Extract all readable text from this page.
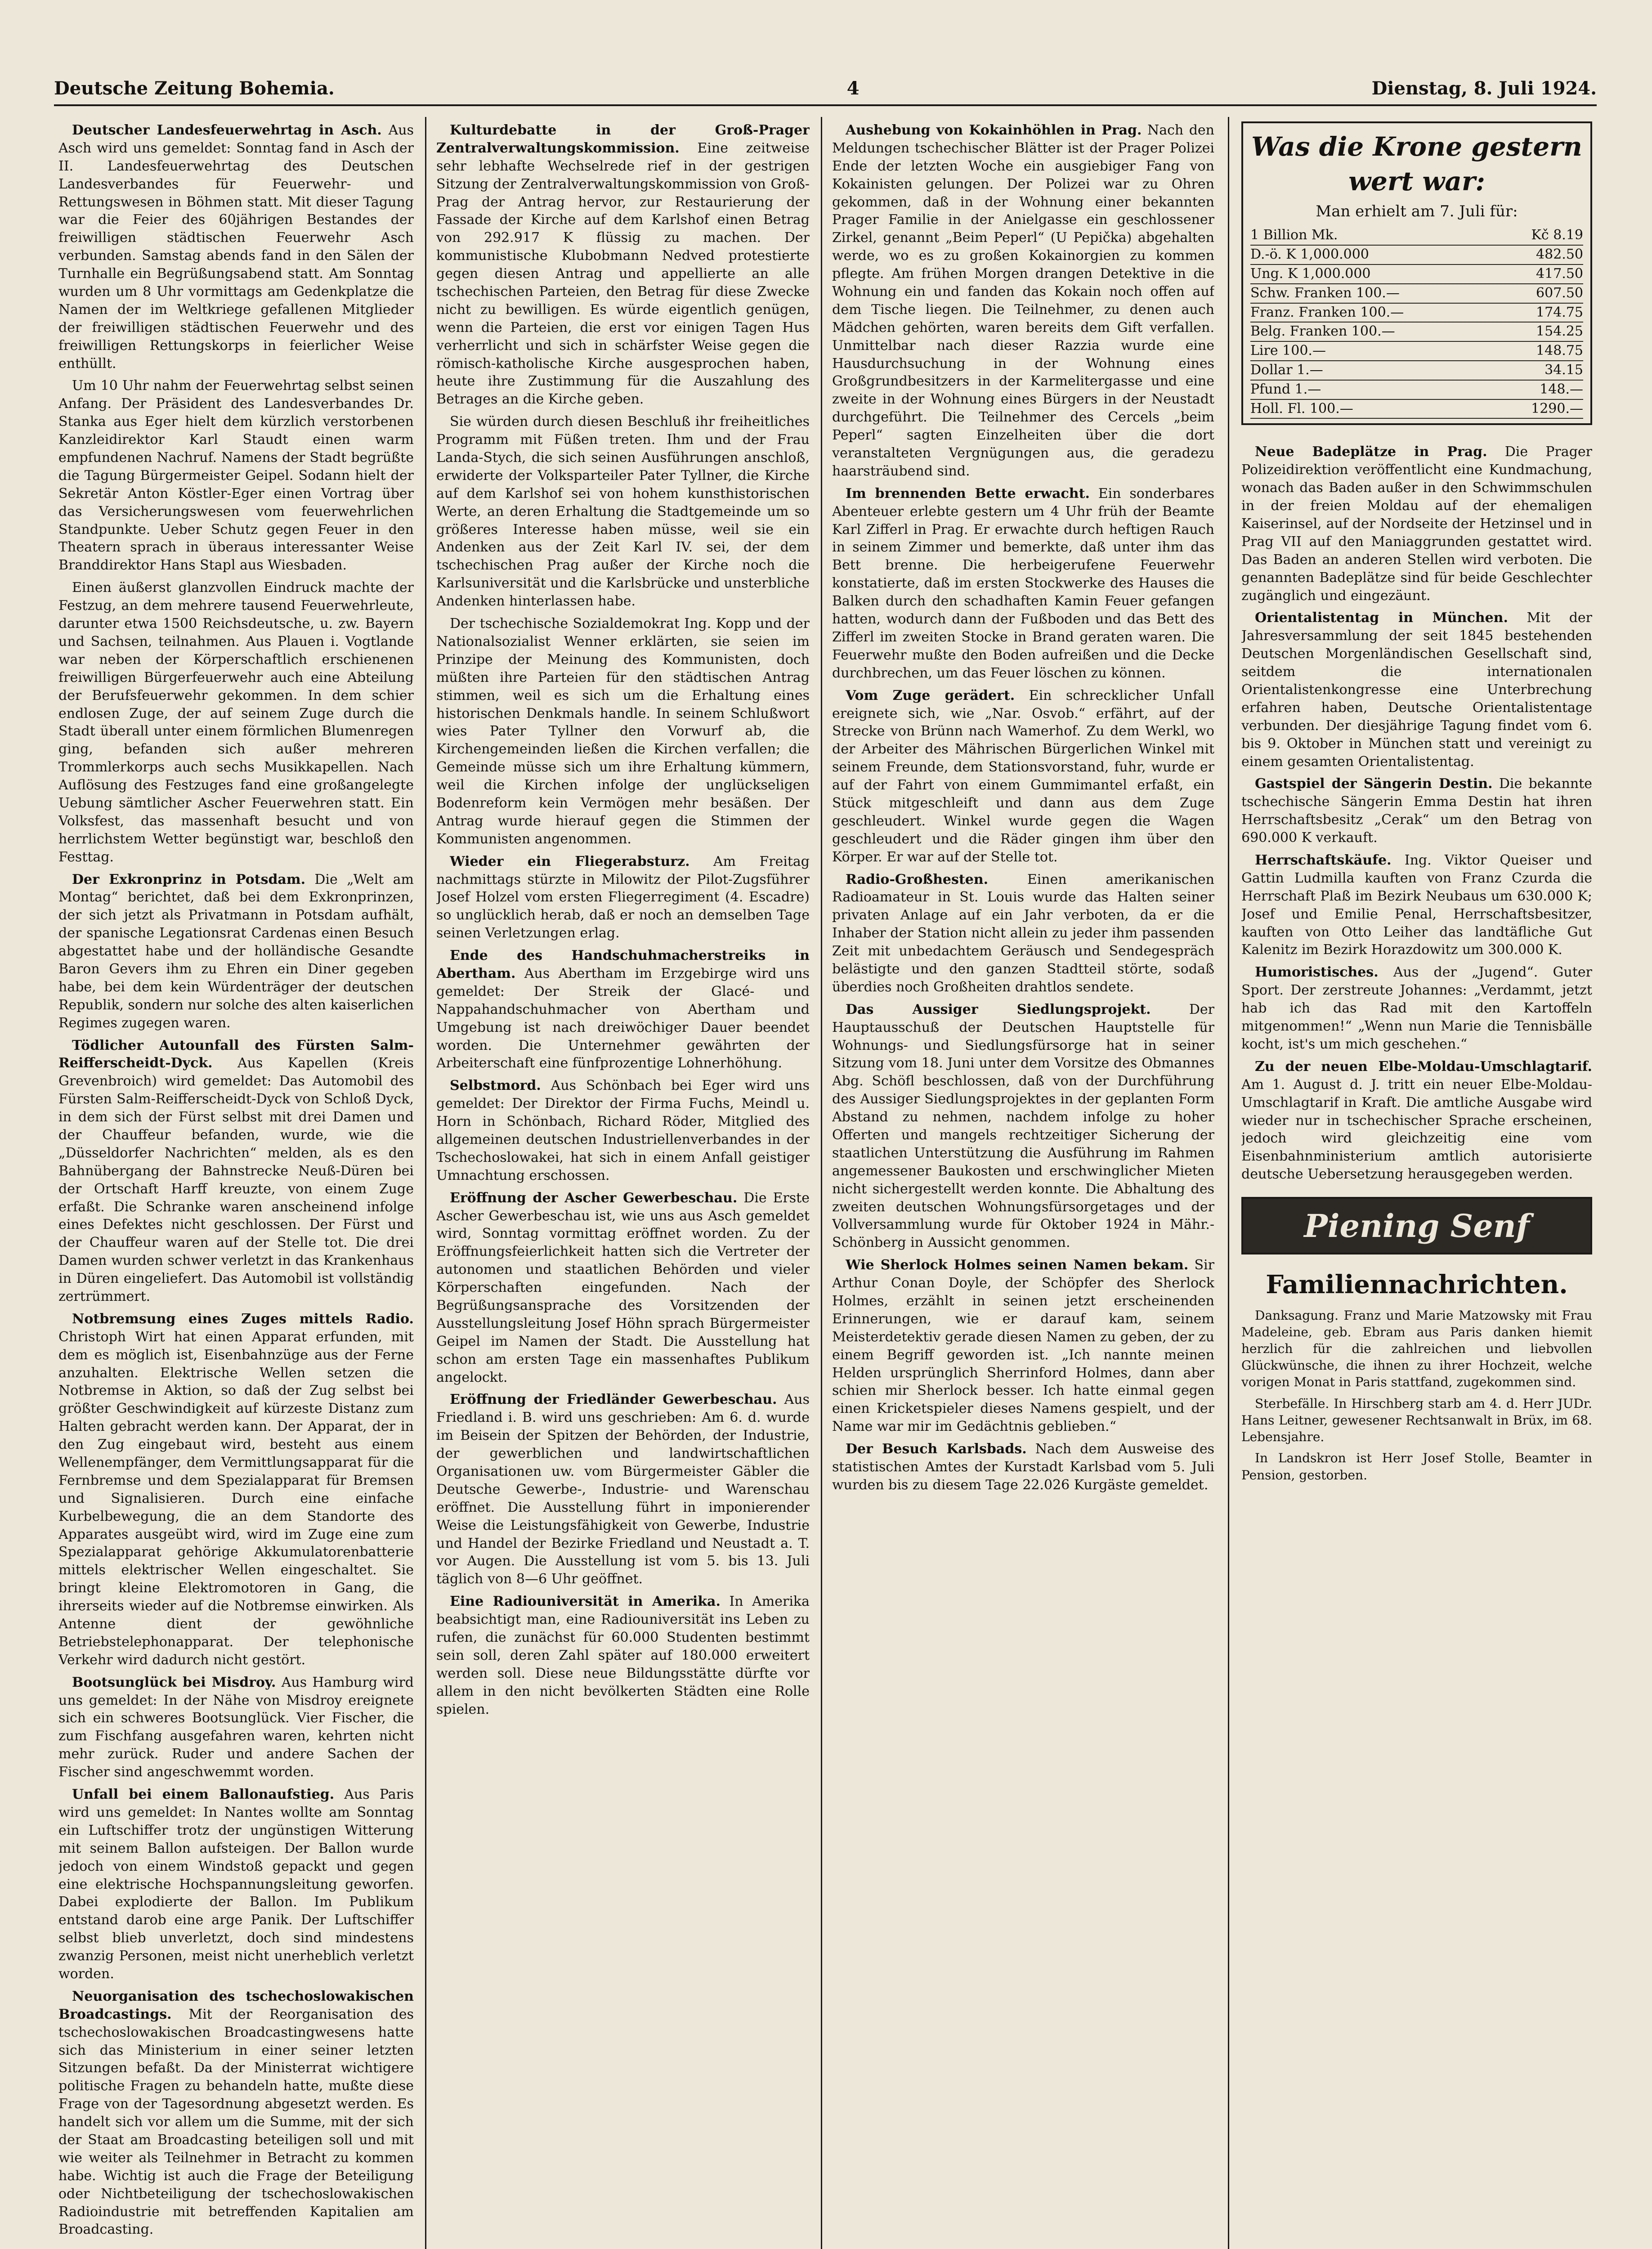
Deutsche Zeitung Bohemia.	4	Dienstag, 8. Juli 1924.

Deutscher Landesfeuerwehrtag in Asch. Aus Asch wird uns gemeldet: Sonntag fand in Asch der II. Landesfeuerwehrtag des Deutschen Landesverbandes für Feuerwehr- und Rettungswesen in Böhmen statt. Mit dieser Tagung war die Feier des 60jährigen Bestandes der freiwilligen städtischen Feuerwehr Asch verbunden. Samstag abends fand in den Sälen der Turnhalle ein Begrüßungsabend statt. Am Sonntag wurden um 8 Uhr vormittags am Gedenkplatze die Namen der im Weltkriege gefallenen Mitglieder der freiwilligen städtischen Feuerwehr und des freiwilligen Rettungskorps in feierlicher Weise enthüllt.

Um 10 Uhr nahm der Feuerwehrtag selbst seinen Anfang. Der Präsident des Landesverbandes Dr. Stanka aus Eger hielt dem kürzlich verstorbenen Kanzleidirektor Karl Staudt einen warm empfundenen Nachruf. Namens der Stadt begrüßte die Tagung Bürgermeister Geipel. Sodann hielt der Sekretär Anton Köstler-Eger einen Vortrag über das Versicherungswesen vom feuerwehrlichen Standpunkte. Ueber Schutz gegen Feuer in den Theatern sprach in überaus interessanter Weise Branddirektor Hans Stapl aus Wiesbaden.

Einen äußerst glanzvollen Eindruck machte der Festzug, an dem mehrere tausend Feuerwehrleute, darunter etwa 1500 Reichsdeutsche, u. zw. Bayern und Sachsen, teilnahmen. Aus Plauen i. Vogtlande war neben der Körperschaftlich erschienenen freiwilligen Bürgerfeuerwehr auch eine Abteilung der Berufsfeuerwehr gekommen. In dem schier endlosen Zuge, der auf seinem Zuge durch die Stadt überall unter einem förmlichen Blumenregen ging, befanden sich außer mehreren Trommlerkorps auch sechs Musikkapellen. Nach Auflösung des Festzuges fand eine großangelegte Uebung sämtlicher Ascher Feuerwehren statt. Ein Volksfest, das massenhaft besucht und von herrlichstem Wetter begünstigt war, beschloß den Festtag.

Der Exkronprinz in Potsdam. Die „Welt am Montag“ berichtet, daß bei dem Exkronprinzen, der sich jetzt als Privatmann in Potsdam aufhält, der spanische Legationsrat Cardenas einen Besuch abgestattet habe und der holländische Gesandte Baron Gevers ihm zu Ehren ein Diner gegeben habe, bei dem kein Würdenträger der deutschen Republik, sondern nur solche des alten kaiserlichen Regimes zugegen waren.

Tödlicher Autounfall des Fürsten Salm-Reifferscheidt-Dyck. Aus Kapellen (Kreis Grevenbroich) wird gemeldet: Das Automobil des Fürsten Salm-Reifferscheidt-Dyck von Schloß Dyck, in dem sich der Fürst selbst mit drei Damen und der Chauffeur befanden, wurde, wie die „Düsseldorfer Nachrichten“ melden, als es den Bahnübergang der Bahnstrecke Neuß-Düren bei der Ortschaft Harff kreuzte, von einem Zuge erfaßt. Die Schranke waren anscheinend infolge eines Defektes nicht geschlossen. Der Fürst und der Chauffeur waren auf der Stelle tot. Die drei Damen wurden schwer verletzt in das Krankenhaus in Düren eingeliefert. Das Automobil ist vollständig zertrümmert.

Notbremsung eines Zuges mittels Radio. Christoph Wirt hat einen Apparat erfunden, mit dem es möglich ist, Eisenbahnzüge aus der Ferne anzuhalten. Elektrische Wellen setzen die Notbremse in Aktion, so daß der Zug selbst bei größter Geschwindigkeit auf kürzeste Distanz zum Halten gebracht werden kann. Der Apparat, der in den Zug eingebaut wird, besteht aus einem Wellenempfänger, dem Vermittlungsapparat für die Fernbremse und dem Spezialapparat für Bremsen und Signalisieren. Durch eine einfache Kurbelbewegung, die an dem Standorte des Apparates ausgeübt wird, wird im Zuge eine zum Spezialapparat gehörige Akkumulatorenbatterie mittels elektrischer Wellen eingeschaltet. Sie bringt kleine Elektromotoren in Gang, die ihrerseits wieder auf die Notbremse einwirken. Als Antenne dient der gewöhnliche Betriebstelephonapparat. Der telephonische Verkehr wird dadurch nicht gestört.

Bootsunglück bei Misdroy. Aus Hamburg wird uns gemeldet: In der Nähe von Misdroy ereignete sich ein schweres Bootsunglück. Vier Fischer, die zum Fischfang ausgefahren waren, kehrten nicht mehr zurück. Ruder und andere Sachen der Fischer sind angeschwemmt worden.

Unfall bei einem Ballonaufstieg. Aus Paris wird uns gemeldet: In Nantes wollte am Sonntag ein Luftschiffer trotz der ungünstigen Witterung mit seinem Ballon aufsteigen. Der Ballon wurde jedoch von einem Windstoß gepackt und gegen eine elektrische Hochspannungsleitung geworfen. Dabei explodierte der Ballon. Im Publikum entstand darob eine arge Panik. Der Luftschiffer selbst blieb unverletzt, doch sind mindestens zwanzig Personen, meist nicht unerheblich verletzt worden.

Neuorganisation des tschechoslowakischen Broadcastings. Mit der Reorganisation des tschechoslowakischen Broadcastingwesens hatte sich das Ministerium in einer seiner letzten Sitzungen befaßt. Da der Ministerrat wichtigere politische Fragen zu behandeln hatte, mußte diese Frage von der Tagesordnung abgesetzt werden. Es handelt sich vor allem um die Summe, mit der sich der Staat am Broadcasting beteiligen soll und mit wie weiter als Teilnehmer in Betracht zu kommen habe. Wichtig ist auch die Frage der Beteiligung oder Nichtbeteiligung der tschechoslowakischen Radioindustrie mit betreffenden Kapitalien am Broadcasting.

Kulturdebatte in der Groß-Prager Zentralverwaltungskommission. Eine zeitweise sehr lebhafte Wechselrede rief in der gestrigen Sitzung der Zentralverwaltungskommission von Groß-Prag der Antrag hervor, zur Restaurierung der Fassade der Kirche auf dem Karlshof einen Betrag von 292.917 K flüssig zu machen. Der kommunistische Klubobmann Nedved protestierte gegen diesen Antrag und appellierte an alle tschechischen Parteien, den Betrag für diese Zwecke nicht zu bewilligen. Es würde eigentlich genügen, wenn die Parteien, die erst vor einigen Tagen Hus verherrlicht und sich in schärfster Weise gegen die römisch-katholische Kirche ausgesprochen haben, heute ihre Zustimmung für die Auszahlung des Betrages an die Kirche geben.

Sie würden durch diesen Beschluß ihr freiheitliches Programm mit Füßen treten. Ihm und der Frau Landa-Stych, die sich seinen Ausführungen anschloß, erwiderte der Volksparteiler Pater Tyllner, die Kirche auf dem Karlshof sei von hohem kunsthistorischen Werte, an deren Erhaltung die Stadtgemeinde um so größeres Interesse haben müsse, weil sie ein Andenken aus der Zeit Karl IV. sei, der dem tschechischen Prag außer der Kirche noch die Karlsuniversität und die Karlsbrücke und unsterbliche Andenken hinterlassen habe.

Der tschechische Sozialdemokrat Ing. Kopp und der Nationalsozialist Wenner erklärten, sie seien im Prinzipe der Meinung des Kommunisten, doch müßten ihre Parteien für den städtischen Antrag stimmen, weil es sich um die Erhaltung eines historischen Denkmals handle. In seinem Schlußwort wies Pater Tyllner den Vorwurf ab, die Kirchengemeinden ließen die Kirchen verfallen; die Gemeinde müsse sich um ihre Erhaltung kümmern, weil die Kirchen infolge der unglückseligen Bodenreform kein Vermögen mehr besäßen. Der Antrag wurde hierauf gegen die Stimmen der Kommunisten angenommen.

Wieder ein Fliegerabsturz. Am Freitag nachmittags stürzte in Milowitz der Pilot-Zugsführer Josef Holzel vom ersten Fliegerregiment (4. Escadre) so unglücklich herab, daß er noch an demselben Tage seinen Verletzungen erlag.

Ende des Handschuhmacherstreiks in Abertham. Aus Abertham im Erzgebirge wird uns gemeldet: Der Streik der Glacé- und Nappahandschuhmacher von Abertham und Umgebung ist nach dreiwöchiger Dauer beendet worden. Die Unternehmer gewährten der Arbeiterschaft eine fünfprozentige Lohnerhöhung.

Selbstmord. Aus Schönbach bei Eger wird uns gemeldet: Der Direktor der Firma Fuchs, Meindl u. Horn in Schönbach, Richard Röder, Mitglied des allgemeinen deutschen Industriellenverbandes in der Tschechoslowakei, hat sich in einem Anfall geistiger Umnachtung erschossen.

Eröffnung der Ascher Gewerbeschau. Die Erste Ascher Gewerbeschau ist, wie uns aus Asch gemeldet wird, Sonntag vormittag eröffnet worden. Zu der Eröffnungsfeierlichkeit hatten sich die Vertreter der autonomen und staatlichen Behörden und vieler Körperschaften eingefunden. Nach der Begrüßungsansprache des Vorsitzenden der Ausstellungsleitung Josef Höhn sprach Bürgermeister Geipel im Namen der Stadt. Die Ausstellung hat schon am ersten Tage ein massenhaftes Publikum angelockt.

Eröffnung der Friedländer Gewerbeschau. Aus Friedland i. B. wird uns geschrieben: Am 6. d. wurde im Beisein der Spitzen der Behörden, der Industrie, der gewerblichen und landwirtschaftlichen Organisationen uw. vom Bürgermeister Gäbler die Deutsche Gewerbe-, Industrie- und Warenschau eröffnet. Die Ausstellung führt in imponierender Weise die Leistungsfähigkeit von Gewerbe, Industrie und Handel der Bezirke Friedland und Neustadt a. T. vor Augen. Die Ausstellung ist vom 5. bis 13. Juli täglich von 8—6 Uhr geöffnet.

Eine Radiouniversität in Amerika. In Amerika beabsichtigt man, eine Radiouniversität ins Leben zu rufen, die zunächst für 60.000 Studenten bestimmt sein soll, deren Zahl später auf 180.000 erweitert werden soll. Diese neue Bildungsstätte dürfte vor allem in den nicht bevölkerten Städten eine Rolle spielen.

Aushebung von Kokainhöhlen in Prag. Nach den Meldungen tschechischer Blätter ist der Prager Polizei Ende der letzten Woche ein ausgiebiger Fang von Kokainisten gelungen. Der Polizei war zu Ohren gekommen, daß in der Wohnung einer bekannten Prager Familie in der Anielgasse ein geschlossener Zirkel, genannt „Beim Peperl“ (U Pepička) abgehalten werde, wo es zu großen Kokainorgien zu kommen pflegte. Am frühen Morgen drangen Detektive in die Wohnung ein und fanden das Kokain noch offen auf dem Tische liegen. Die Teilnehmer, zu denen auch Mädchen gehörten, waren bereits dem Gift verfallen. Unmittelbar nach dieser Razzia wurde eine Hausdurchsuchung in der Wohnung eines Großgrundbesitzers in der Karmelitergasse und eine zweite in der Wohnung eines Bürgers in der Neustadt durchgeführt. Die Teilnehmer des Cercels „beim Peperl“ sagten Einzelheiten über die dort veranstalteten Vergnügungen aus, die geradezu haarsträubend sind.

Im brennenden Bette erwacht. Ein sonderbares Abenteuer erlebte gestern um 4 Uhr früh der Beamte Karl Zifferl in Prag. Er erwachte durch heftigen Rauch in seinem Zimmer und bemerkte, daß unter ihm das Bett brenne. Die herbeigerufene Feuerwehr konstatierte, daß im ersten Stockwerke des Hauses die Balken durch den schadhaften Kamin Feuer gefangen hatten, wodurch dann der Fußboden und das Bett des Zifferl im zweiten Stocke in Brand geraten waren. Die Feuerwehr mußte den Boden aufreißen und die Decke durchbrechen, um das Feuer löschen zu können.

Vom Zuge gerädert. Ein schrecklicher Unfall ereignete sich, wie „Nar. Osvob.“ erfährt, auf der Strecke von Brünn nach Wamerhof. Zu dem Werkl, wo der Arbeiter des Mährischen Bürgerlichen Winkel mit seinem Freunde, dem Stationsvorstand, fuhr, wurde er auf der Fahrt von einem Gummimantel erfaßt, ein Stück mitgeschleift und dann aus dem Zuge geschleudert. Winkel wurde gegen die Wagen geschleudert und die Räder gingen ihm über den Körper. Er war auf der Stelle tot.

Radio-Großhesten.	Einen amerikanischen Radioamateur in St. Louis wurde das Halten seiner privaten Anlage auf ein Jahr verboten, da er die Inhaber der Station nicht allein zu jeder ihm passenden Zeit mit unbedachtem Geräusch und Sendegespräch belästigte und den ganzen Stadtteil störte, sodaß überdies noch Großheiten drahtlos sendete.

Das Aussiger Siedlungsprojekt.	Der Hauptausschuß der Deutschen Hauptstelle für Wohnungs- und Siedlungsfürsorge hat in seiner Sitzung vom 18. Juni unter dem Vorsitze des Obmannes Abg. Schöfl beschlossen, daß von der Durchführung des Aussiger Siedlungsprojektes in der geplanten Form Abstand zu nehmen, nachdem infolge zu hoher Offerten und mangels rechtzeitiger Sicherung der staatlichen Unterstützung die Ausführung im Rahmen angemessener Baukosten und erschwinglicher Mieten nicht sichergestellt werden konnte. Die Abhaltung des zweiten deutschen Wohnungsfürsorgetages und der Vollversammlung wurde für Oktober 1924 in Mähr.-Schönberg in Aussicht genommen.

Wie Sherlock Holmes seinen Namen bekam. Sir Arthur Conan Doyle, der Schöpfer des Sherlock Holmes, erzählt in seinen jetzt erscheinenden Erinnerungen, wie er darauf kam, seinem Meisterdetektiv gerade diesen Namen zu geben, der zu einem Begriff geworden ist. „Ich nannte meinen Helden ursprünglich Sherrinford Holmes, dann aber schien mir Sherlock besser. Ich hatte einmal gegen einen Kricketspieler dieses Namens gespielt, und der Name war mir im Gedächtnis geblieben.“

Der Besuch Karlsbads. Nach dem Ausweise des statistischen Amtes der Kurstadt Karlsbad vom 5. Juli wurden bis zu diesem Tage 22.026 Kurgäste gemeldet.

Was die Krone gestern wert war:
Man erhielt am 7. Juli für:
1 Billion Mk.	Kč 8.19
D.-ö. K 1,000.000	482.50
Ung. K 1,000.000	417.50
Schw. Franken 100.—	607.50
Franz. Franken 100.—	174.75
Belg. Franken 100.—	154.25
Lire 100.—	148.75
Dollar 1.—	34.15
Pfund 1.—	148.—
Holl. Fl. 100.—	1290.—

Neue Badeplätze in Prag. Die Prager Polizeidirektion veröffentlicht eine Kundmachung, wonach das Baden außer in den Schwimmschulen in der freien Moldau auf der ehemaligen Kaiserinsel, auf der Nordseite der Hetzinsel und in Prag VII auf den Maniaggrunden gestattet wird. Das Baden an anderen Stellen wird verboten. Die genannten Badeplätze sind für beide Geschlechter zugänglich und eingezäunt.

Orientalistentag in München. Mit der Jahresversammlung der seit 1845 bestehenden Deutschen Morgenländischen Gesellschaft sind, seitdem die internationalen Orientalistenkongresse eine Unterbrechung erfahren haben, Deutsche Orientalistentage verbunden. Der diesjährige Tagung findet vom 6. bis 9. Oktober in München statt und vereinigt zu einem gesamten Orientalistentag.

Gastspiel der Sängerin Destin. Die bekannte tschechische Sängerin Emma Destin hat ihren Herrschaftsbesitz „Cerak“ um den Betrag von 690.000 K verkauft.

Herrschaftskäufe. Ing. Viktor Queiser und Gattin Ludmilla kauften von Franz Czurda die Herrschaft Plaß im Bezirk Neubaus um 630.000 K; Josef und Emilie Penal, Herrschaftsbesitzer, kauften von Otto Leiher das landtäfliche Gut Kalenitz im Bezirk Horazdowitz um 300.000 K.

Humoristisches. Aus der „Jugend“. Guter Sport. Der zerstreute Johannes: „Verdammt, jetzt hab ich das Rad mit den Kartoffeln mitgenommen!“ „Wenn nun Marie die Tennisbälle kocht, ist's um mich geschehen.“

Zu der neuen Elbe-Moldau-Umschlagtarif. Am 1. August d. J. tritt ein neuer Elbe-Moldau-Umschlagtarif in Kraft. Die amtliche Ausgabe wird wieder nur in tschechischer Sprache erscheinen, jedoch wird gleichzeitig eine vom Eisenbahnministerium amtlich autorisierte deutsche Uebersetzung herausgegeben werden.

Piening Senf
Familiennachrichten.

Danksagung. Franz und Marie Matzowsky mit Frau Madeleine, geb. Ebram aus Paris danken hiemit herzlich für die zahlreichen und liebvollen Glückwünsche, die ihnen zu ihrer Hochzeit, welche vorigen Monat in Paris stattfand, zugekommen sind.

Sterbefälle. In Hirschberg starb am 4. d. Herr JUDr. Hans Leitner, gewesener Rechtsanwalt in Brüx, im 68. Lebensjahre.

In Landskron ist Herr Josef Stolle, Beamter in Pension, gestorben.
